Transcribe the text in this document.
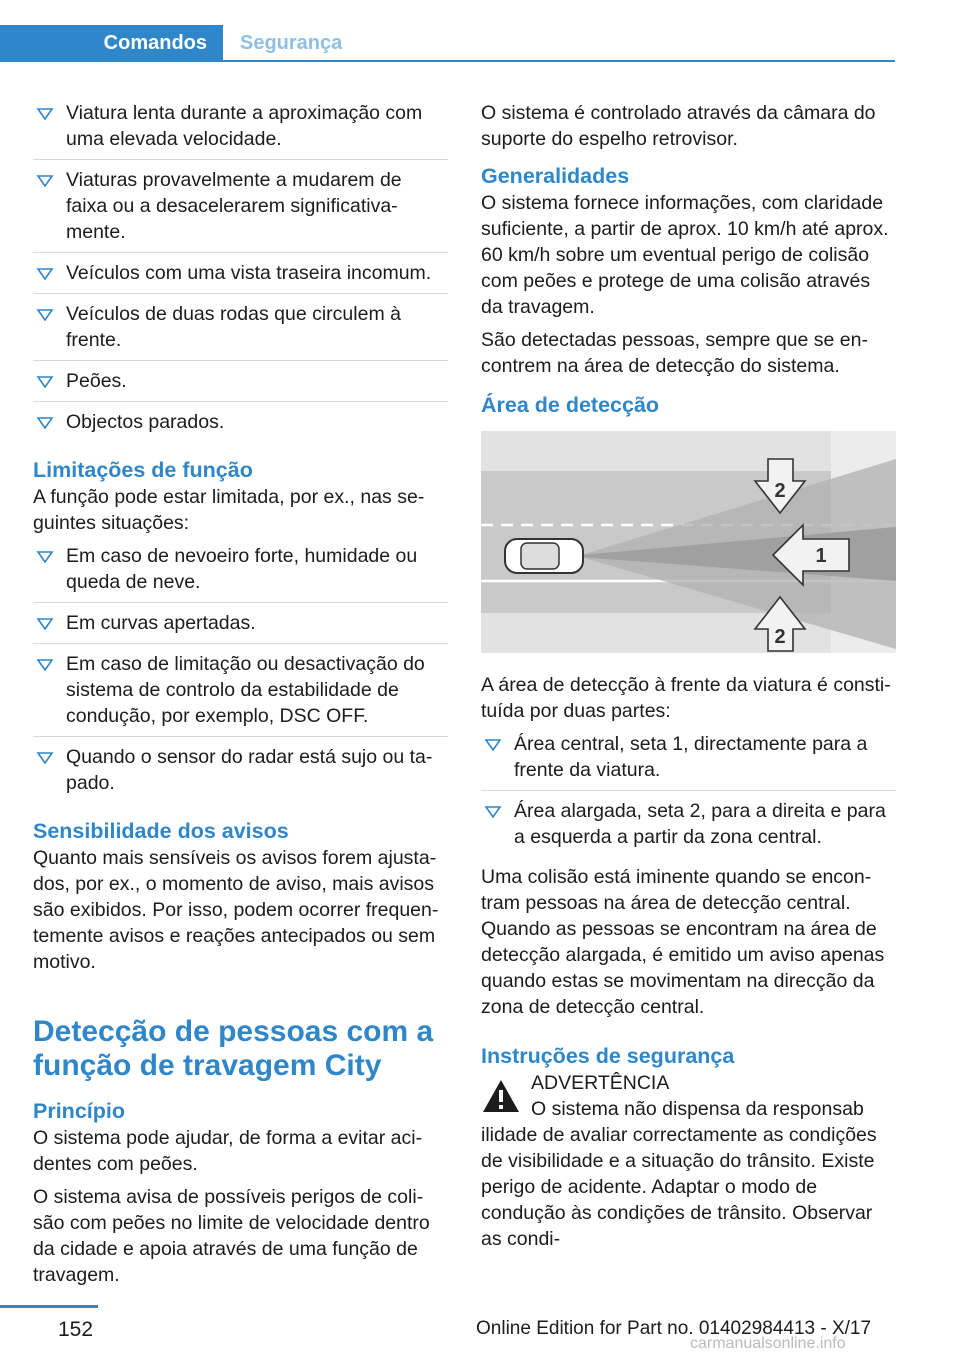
Comandos	Segurança
Viatura lenta durante a aproximação com uma elevada velocidade.
Viaturas provavelmente a mudarem de faixa ou a desacelerarem significativamente.
Veículos com uma vista traseira incomum.
Veículos de duas rodas que circulem à frente.
Peões.
Objectos parados.
Limitações de função

A função pode estar limitada, por ex., nas seguintes situações:

Em caso de nevoeiro forte, humidade ou queda de neve.
Em curvas apertadas.
Em caso de limitação ou desactivação do sistema de controlo da estabilidade de condução, por exemplo, DSC OFF.
Quando o sensor do radar está sujo ou tapado.
Sensibilidade dos avisos

Quanto mais sensíveis os avisos forem ajustados, por ex., o momento de aviso, mais avisos são exibidos. Por isso, podem ocorrer frequentemente avisos e reações antecipados ou sem motivo.

Detecção de pessoas com a função de travagem City
Princípio

O sistema pode ajudar, de forma a evitar acidentes com peões.

O sistema avisa de possíveis perigos de colisão com peões no limite de velocidade dentro da cidade e apoia através de uma função de travagem.

O sistema é controlado através da câmara do suporte do espelho retrovisor.

Generalidades

O sistema fornece informações, com claridade suficiente, a partir de aprox. 10 km/h até aprox. 60 km/h sobre um eventual perigo de colisão com peões e protege de uma colisão através da travagem.

São detectadas pessoas, sempre que se encontrem na área de detecção do sistema.

Área de detecção
2
1
2

A área de detecção à frente da viatura é constituída por duas partes:

Área central, seta 1, directamente para a frente da viatura.
Área alargada, seta 2, para a direita e para a esquerda a partir da zona central.

Uma colisão está iminente quando se encontram pessoas na área de detecção central. Quando as pessoas se encontram na área de detecção alargada, é emitido um aviso apenas quando estas se movimentam na direcção da zona de detecção central.

Instruções de segurança
ADVERTÊNCIA
O sistema não dispensa da responsab

ilidade de avaliar correctamente as condições de visibilidade e a situação do trânsito. Existe perigo de acidente. Adaptar o modo de condução às condições de trânsito. Observar as condi-

152	Online Edition for Part no. 01402984413 - X/17
carmanualsonline.info
